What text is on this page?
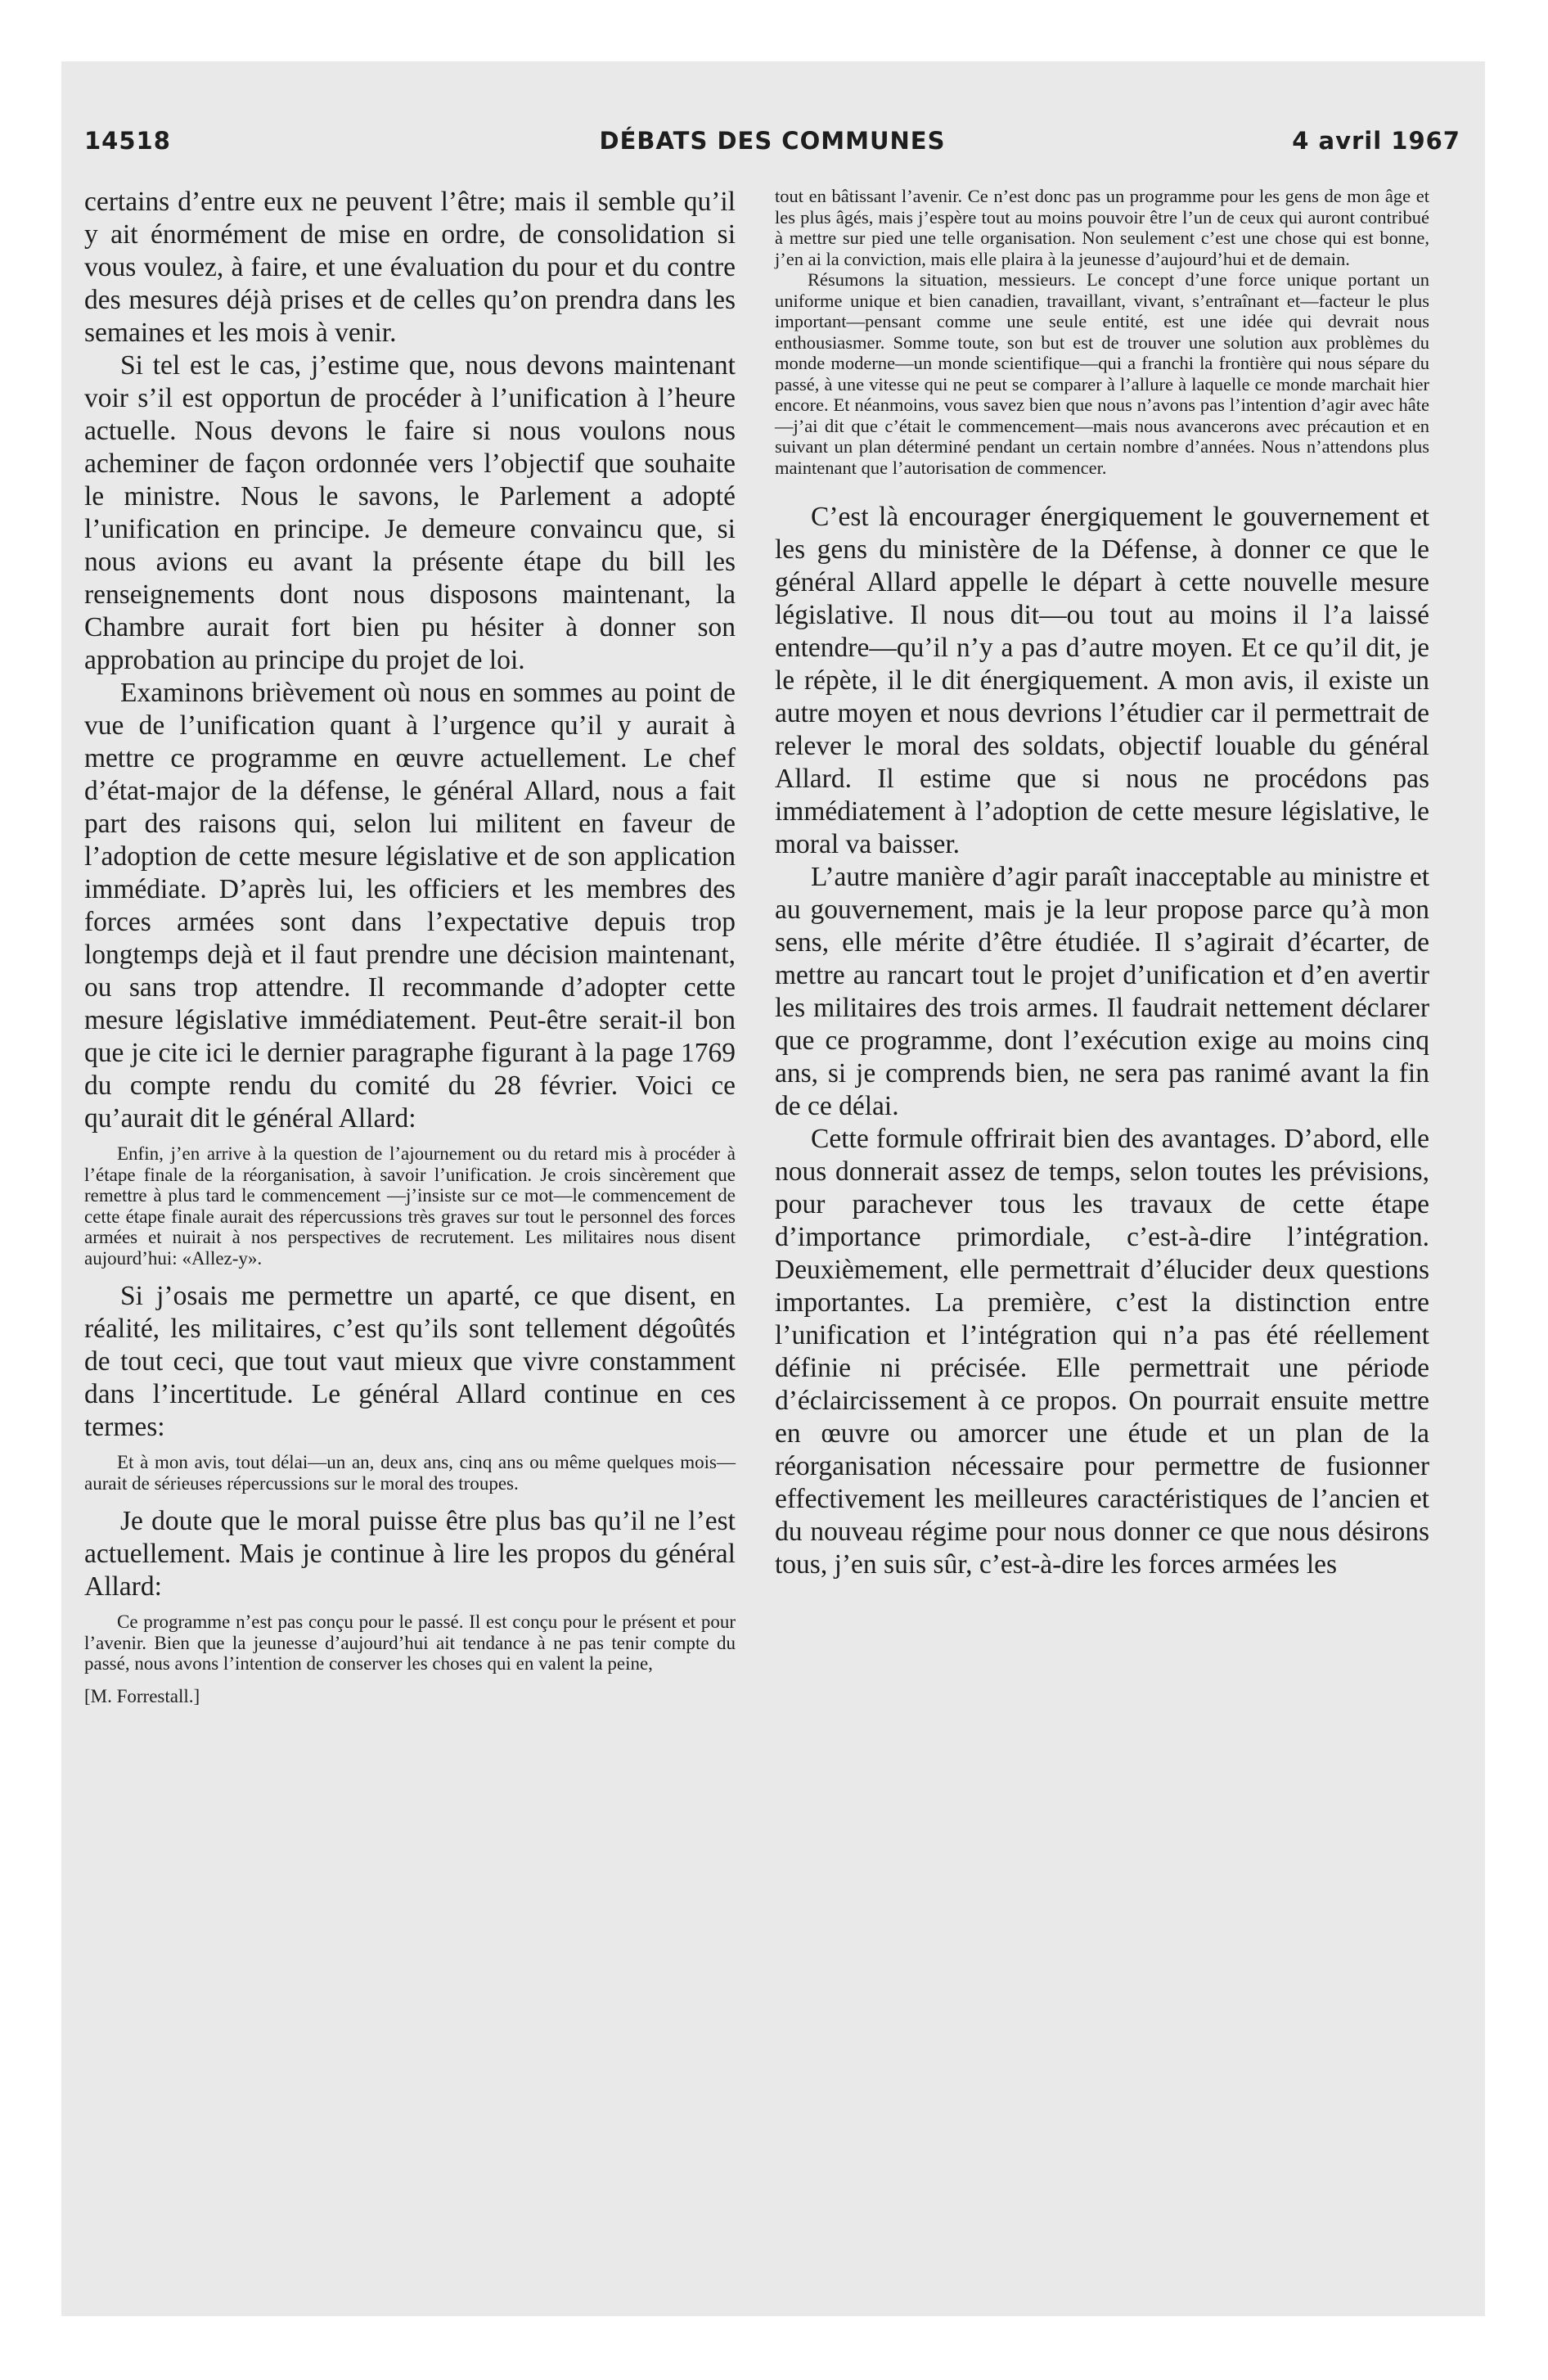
14518	DÉBATS DES COMMUNES	4 avril 1967

certains d’entre eux ne peuvent l’être; mais il semble qu’il y ait énormément de mise en ordre, de consolidation si vous voulez, à faire, et une évaluation du pour et du contre des mesures déjà prises et de celles qu’on prendra dans les semaines et les mois à venir.

Si tel est le cas, j’estime que, nous devons maintenant voir s’il est opportun de procéder à l’unification à l’heure actuelle. Nous devons le faire si nous voulons nous acheminer de façon ordonnée vers l’objectif que souhaite le ministre. Nous le savons, le Parlement a adopté l’unification en principe. Je demeure convaincu que, si nous avions eu avant la présente étape du bill les renseignements dont nous disposons maintenant, la Chambre aurait fort bien pu hésiter à donner son approbation au principe du projet de loi.

Examinons brièvement où nous en sommes au point de vue de l’unification quant à l’urgence qu’il y aurait à mettre ce programme en œuvre actuellement. Le chef d’état-major de la défense, le général Allard, nous a fait part des raisons qui, selon lui militent en faveur de l’adoption de cette mesure législative et de son application immédiate. D’après lui, les officiers et les membres des forces armées sont dans l’expectative depuis trop longtemps dejà et il faut prendre une décision maintenant, ou sans trop attendre. Il recommande d’adopter cette mesure législative immédiatement. Peut-être serait-il bon que je cite ici le dernier paragraphe figurant à la page 1769 du compte rendu du comité du 28 février. Voici ce qu’aurait dit le général Allard:

Enfin, j’en arrive à la question de l’ajournement ou du retard mis à procéder à l’étape finale de la réorganisation, à savoir l’unification. Je crois sincèrement que remettre à plus tard le commencement —j’insiste sur ce mot—le commencement de cette étape finale aurait des répercussions très graves sur tout le personnel des forces armées et nuirait à nos perspectives de recrutement. Les militaires nous disent aujourd’hui: «Allez-y».

Si j’osais me permettre un aparté, ce que disent, en réalité, les militaires, c’est qu’ils sont tellement dégoûtés de tout ceci, que tout vaut mieux que vivre constamment dans l’incertitude. Le général Allard continue en ces termes:

Et à mon avis, tout délai—un an, deux ans, cinq ans ou même quelques mois—aurait de sérieuses répercussions sur le moral des troupes.

Je doute que le moral puisse être plus bas qu’il ne l’est actuellement. Mais je continue à lire les propos du général Allard:

Ce programme n’est pas conçu pour le passé. Il est conçu pour le présent et pour l’avenir. Bien que la jeunesse d’aujourd’hui ait tendance à ne pas tenir compte du passé, nous avons l’intention de conserver les choses qui en valent la peine,

[M. Forrestall.]

tout en bâtissant l’avenir. Ce n’est donc pas un programme pour les gens de mon âge et les plus âgés, mais j’espère tout au moins pouvoir être l’un de ceux qui auront contribué à mettre sur pied une telle organisation. Non seulement c’est une chose qui est bonne, j’en ai la conviction, mais elle plaira à la jeunesse d’aujourd’hui et de demain.

Résumons la situation, messieurs. Le concept d’une force unique portant un uniforme unique et bien canadien, travaillant, vivant, s’entraînant et—facteur le plus important—pensant comme une seule entité, est une idée qui devrait nous enthousiasmer. Somme toute, son but est de trouver une solution aux problèmes du monde moderne—un monde scientifique—qui a franchi la frontière qui nous sépare du passé, à une vitesse qui ne peut se comparer à l’allure à laquelle ce monde marchait hier encore. Et néanmoins, vous savez bien que nous n’avons pas l’intention d’agir avec hâte —j’ai dit que c’était le commencement—mais nous avancerons avec précaution et en suivant un plan déterminé pendant un certain nombre d’années. Nous n’attendons plus maintenant que l’autorisation de commencer.

C’est là encourager énergiquement le gouvernement et les gens du ministère de la Défense, à donner ce que le général Allard appelle le départ à cette nouvelle mesure législative. Il nous dit—ou tout au moins il l’a laissé entendre—qu’il n’y a pas d’autre moyen. Et ce qu’il dit, je le répète, il le dit énergiquement. A mon avis, il existe un autre moyen et nous devrions l’étudier car il permettrait de relever le moral des soldats, objectif louable du général Allard. Il estime que si nous ne procédons pas immédiatement à l’adoption de cette mesure législative, le moral va baisser.

L’autre manière d’agir paraît inacceptable au ministre et au gouvernement, mais je la leur propose parce qu’à mon sens, elle mérite d’être étudiée. Il s’agirait d’écarter, de mettre au rancart tout le projet d’unification et d’en avertir les militaires des trois armes. Il faudrait nettement déclarer que ce programme, dont l’exécution exige au moins cinq ans, si je comprends bien, ne sera pas ranimé avant la fin de ce délai.

Cette formule offrirait bien des avantages. D’abord, elle nous donnerait assez de temps, selon toutes les prévisions, pour parachever tous les travaux de cette étape d’importance primordiale, c’est-à-dire l’intégration. Deuxièmement, elle permettrait d’élucider deux questions importantes. La première, c’est la distinction entre l’unification et l’intégration qui n’a pas été réellement définie ni précisée. Elle permettrait une période d’éclaircissement à ce propos. On pourrait ensuite mettre en œuvre ou amorcer une étude et un plan de la réorganisation nécessaire pour permettre de fusionner effectivement les meilleures caractéristiques de l’ancien et du nouveau régime pour nous donner ce que nous désirons tous, j’en suis sûr, c’est-à-dire les forces armées les
